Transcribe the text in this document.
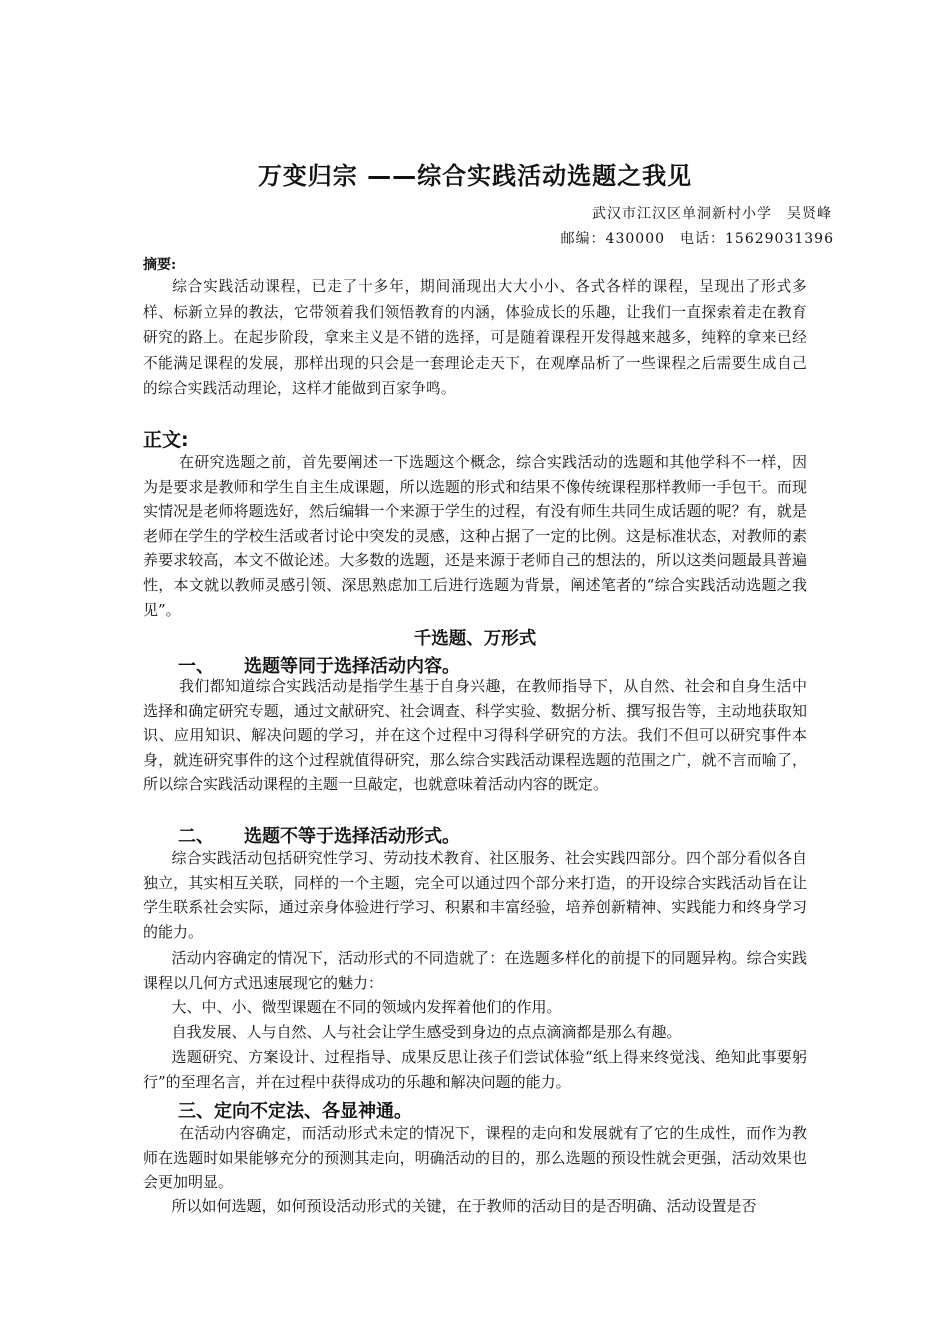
万变归宗 ——综合实践活动选题之我见
武汉市江汉区单洞新村小学　吴贤峰
邮编：430000　电话：15629031396
摘要:
综合实践活动课程，已走了十多年，期间涌现出大大小小、各式各样的课程，呈现出了形式多样、标新立异的教法，它带领着我们领悟教育的内涵，体验成长的乐趣，让我们一直探索着走在教育研究的路上。在起步阶段，拿来主义是不错的选择，可是随着课程开发得越来越多，纯粹的拿来已经不能满足课程的发展，那样出现的只会是一套理论走天下，在观摩品析了一些课程之后需要生成自己的综合实践活动理论，这样才能做到百家争鸣。
正文:
在研究选题之前，首先要阐述一下选题这个概念，综合实践活动的选题和其他学科不一样，因为是要求是教师和学生自主生成课题，所以选题的形式和结果不像传统课程那样教师一手包干。而现实情况是老师将题选好，然后编辑一个来源于学生的过程，有没有师生共同生成话题的呢？有，就是老师在学生的学校生活或者讨论中突发的灵感，这种占据了一定的比例。这是标准状态，对教师的素养要求较高，本文不做论述。大多数的选题，还是来源于老师自己的想法的，所以这类问题最具普遍性，本文就以教师灵感引领、深思熟虑加工后进行选题为背景，阐述笔者的“综合实践活动选题之我见”。
千选题、万形式
一、 选题等同于选择活动内容。
我们都知道综合实践活动是指学生基于自身兴趣，在教师指导下，从自然、社会和自身生活中选择和确定研究专题，通过文献研究、社会调查、科学实验、数据分析、撰写报告等，主动地获取知识、应用知识、解决问题的学习，并在这个过程中习得科学研究的方法。我们不但可以研究事件本身，就连研究事件的这个过程就值得研究，那么综合实践活动课程选题的范围之广，就不言而喻了，所以综合实践活动课程的主题一旦敲定，也就意味着活动内容的既定。
二、 选题不等于选择活动形式。
综合实践活动包括研究性学习、劳动技术教育、社区服务、社会实践四部分。四个部分看似各自独立，其实相互关联，同样的一个主题，完全可以通过四个部分来打造，的开设综合实践活动旨在让学生联系社会实际，通过亲身体验进行学习、积累和丰富经验，培养创新精神、实践能力和终身学习的能力。
活动内容确定的情况下，活动形式的不同造就了：在选题多样化的前提下的同题异构。综合实践课程以几何方式迅速展现它的魅力：
大、中、小、微型课题在不同的领域内发挥着他们的作用。
自我发展、人与自然、人与社会让学生感受到身边的点点滴滴都是那么有趣。
选题研究、方案设计、过程指导、成果反思让孩子们尝试体验“纸上得来终觉浅、绝知此事要躬行”的至理名言，并在过程中获得成功的乐趣和解决问题的能力。
三、定向不定法、各显神通。
在活动内容确定，而活动形式未定的情况下，课程的走向和发展就有了它的生成性，而作为教师在选题时如果能够充分的预测其走向，明确活动的目的，那么选题的预设性就会更强，活动效果也会更加明显。
所以如何选题，如何预设活动形式的关键，在于教师的活动目的是否明确、活动设置是否
